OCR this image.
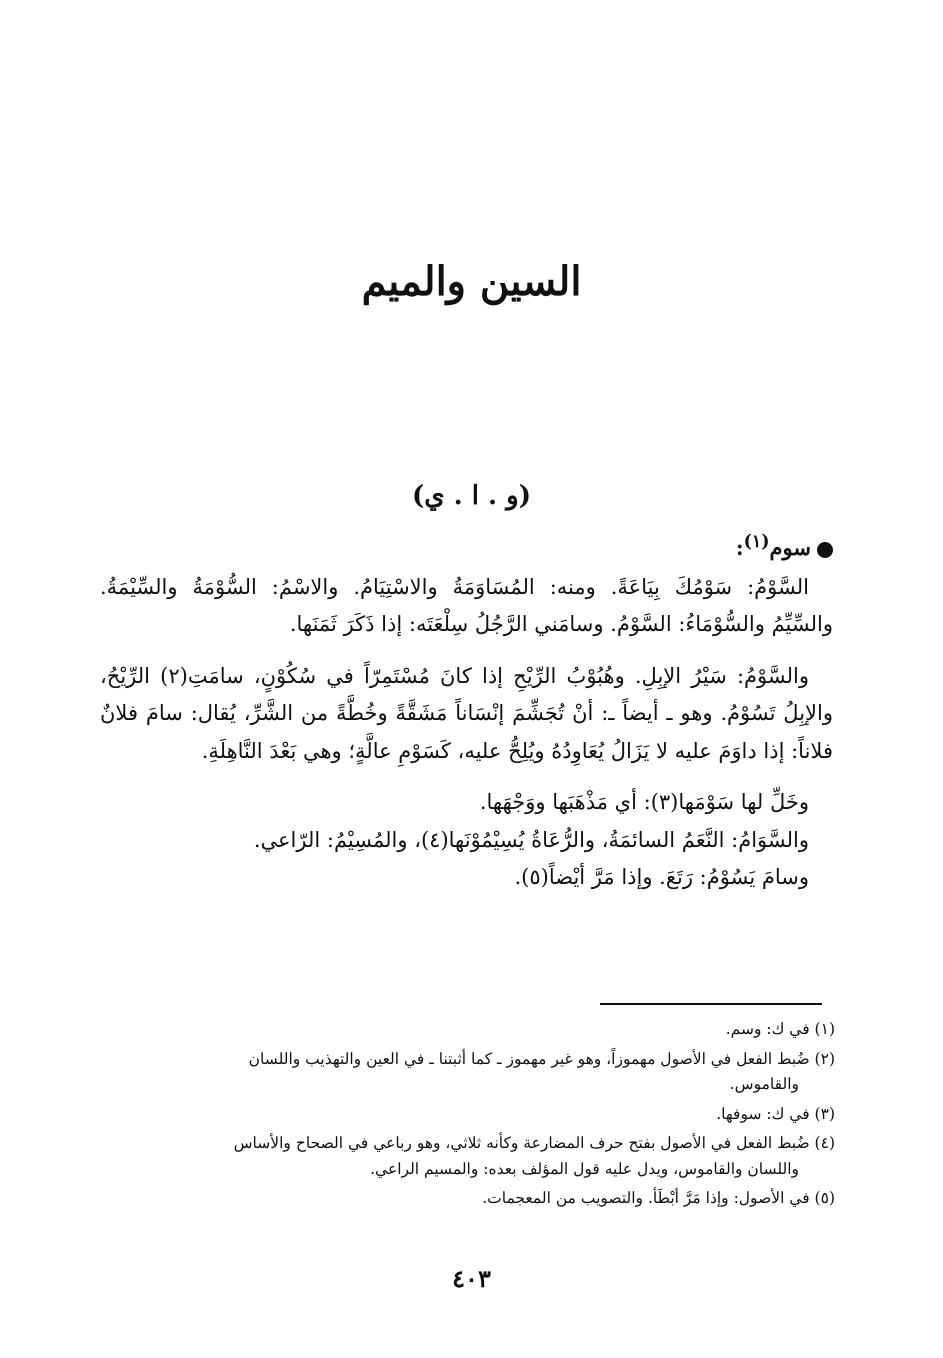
السين والميم
(و . ا . ي)

سوم$^{(١)}$:

السَّوْمُ: سَوْمُكَ بِيَاعَةً. ومنه: المُسَاوَمَةُ والاسْتِيَامُ. والاسْمُ: السُّوْمَةُ والسِّيْمَةُ. والسِّيِّمُ والسُّوْمَاءُ: السَّوْمُ. وسامَني الرَّجُلُ سِلْعَتَه: إذا ذَكَرَ ثَمَنَها.

والسَّوْمُ: سَيْرُ الإبِلِ. وهُبُوْبُ الرِّيْحِ إذا كانَ مُسْتَمِرّاً في سُكُوْنٍ، سامَتِ(٢) الرِّيْحُ، والإبِلُ تَسُوْمُ. وهو ـ أيضاً ـ: أنْ تُجَشِّمَ إنْسَاناً مَشَقَّةً وخُطَّةً من الشَّرِّ، يُقال: سامَ فلانٌ فلاناً: إذا داوَمَ عليه لا يَزَالُ يُعَاوِدُهُ ويُلِحُّ عليه، كَسَوْمِ عالَّةٍ؛ وهي بَعْدَ النَّاهِلَةِ.

وخَلِّ لها سَوْمَها(٣): أي مَذْهَبَها ووَجْهَها.

والسَّوَامُ: النَّعَمُ السائمَةُ، والرُّعَاةُ يُسِيْمُوْنَها(٤)، والمُسِيْمُ: الرّاعي.

وسامَ يَسُوْمُ: رَتَعَ. وإذا مَرَّ أيْضاً(٥).

(١) في ك: وسم.

(٢) ضُبط الفعل في الأصول مهموزاً، وهو غير مهموز ـ كما أثبتنا ـ في العين والتهذيب واللسان
والقاموس.

(٣) في ك: سوفها.

(٤) ضُبط الفعل في الأصول بفتح حرف المضارعة وكأنه ثلاثي، وهو رباعي في الصحاح والأساس
واللسان والقاموس، ويدل عليه قول المؤلف بعده: والمسيم الراعي.

(٥) في الأصول: وإذا مَرَّ أبْطَأ. والتصويب من المعجمات.

٤٠٣
